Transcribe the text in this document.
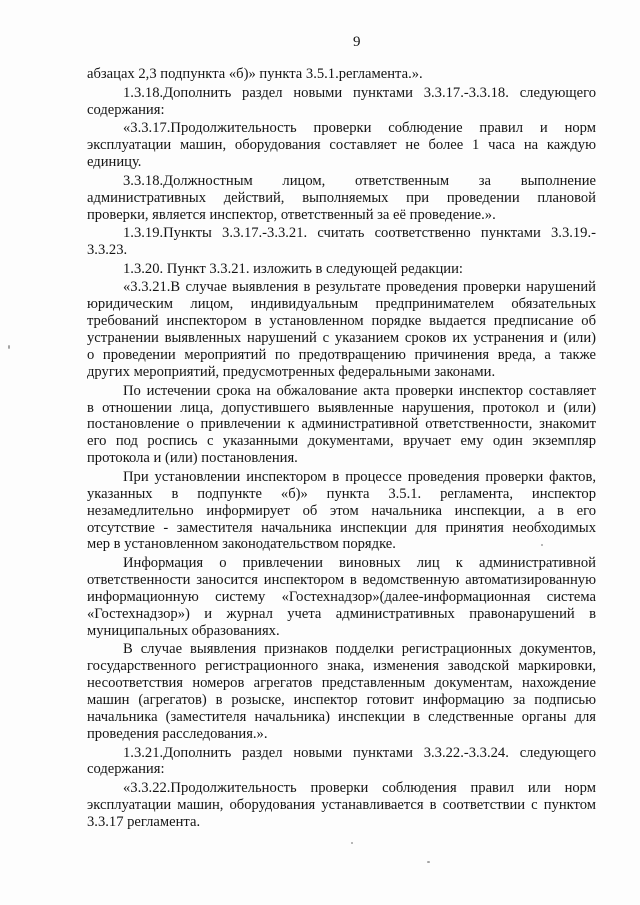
9
абзацах 2,3 подпункта «б)» пункта 3.5.1.регламента.».
1.3.18.Дополнить раздел новыми пунктами 3.3.17.-3.3.18. следующего
содержания:
«3.3.17.Продолжительность проверки соблюдение правил и норм
эксплуатации машин, оборудования составляет не более 1 часа на каждую
единицу.
3.3.18.Должностным лицом, ответственным за выполнение
административных действий, выполняемых при проведении плановой
проверки, является инспектор, ответственный за её проведение.».
1.3.19.Пункты 3.3.17.-3.3.21. считать соответственно пунктами 3.3.19.-
3.3.23.
1.3.20. Пункт 3.3.21. изложить в следующей редакции:
«3.3.21.В случае выявления в результате проведения проверки нарушений
юридическим лицом, индивидуальным предпринимателем обязательных
требований инспектором в установленном порядке выдается предписание об
устранении выявленных нарушений с указанием сроков их устранения и (или)
о проведении мероприятий по предотвращению причинения вреда, а также
других мероприятий, предусмотренных федеральными законами.
По истечении срока на обжалование акта проверки инспектор составляет
в отношении лица, допустившего выявленные нарушения, протокол и (или)
постановление о привлечении к административной ответственности, знакомит
его под роспись с указанными документами, вручает ему один экземпляр
протокола и (или) постановления.
При установлении инспектором в процессе проведения проверки фактов,
указанных в подпункте «б)» пункта 3.5.1. регламента, инспектор
незамедлительно информирует об этом начальника инспекции, а в его
отсутствие - заместителя начальника инспекции для принятия необходимых
мер в установленном законодательством порядке.
Информация о привлечении виновных лиц к административной
ответственности заносится инспектором в ведомственную автоматизированную
информационную систему «Гостехнадзор»(далее-информационная система
«Гостехнадзор») и журнал учета административных правонарушений в
муниципальных образованиях.
В случае выявления признаков подделки регистрационных документов,
государственного регистрационного знака, изменения заводской маркировки,
несоответствия номеров агрегатов представленным документам, нахождение
машин (агрегатов) в розыске, инспектор готовит информацию за подписью
начальника (заместителя начальника) инспекции в следственные органы для
проведения расследования.».
1.3.21.Дополнить раздел новыми пунктами 3.3.22.-3.3.24. следующего
содержания:
«3.3.22.Продолжительность проверки соблюдения правил или норм
эксплуатации машин, оборудования устанавливается в соответствии с пунктом
3.3.17 регламента.
